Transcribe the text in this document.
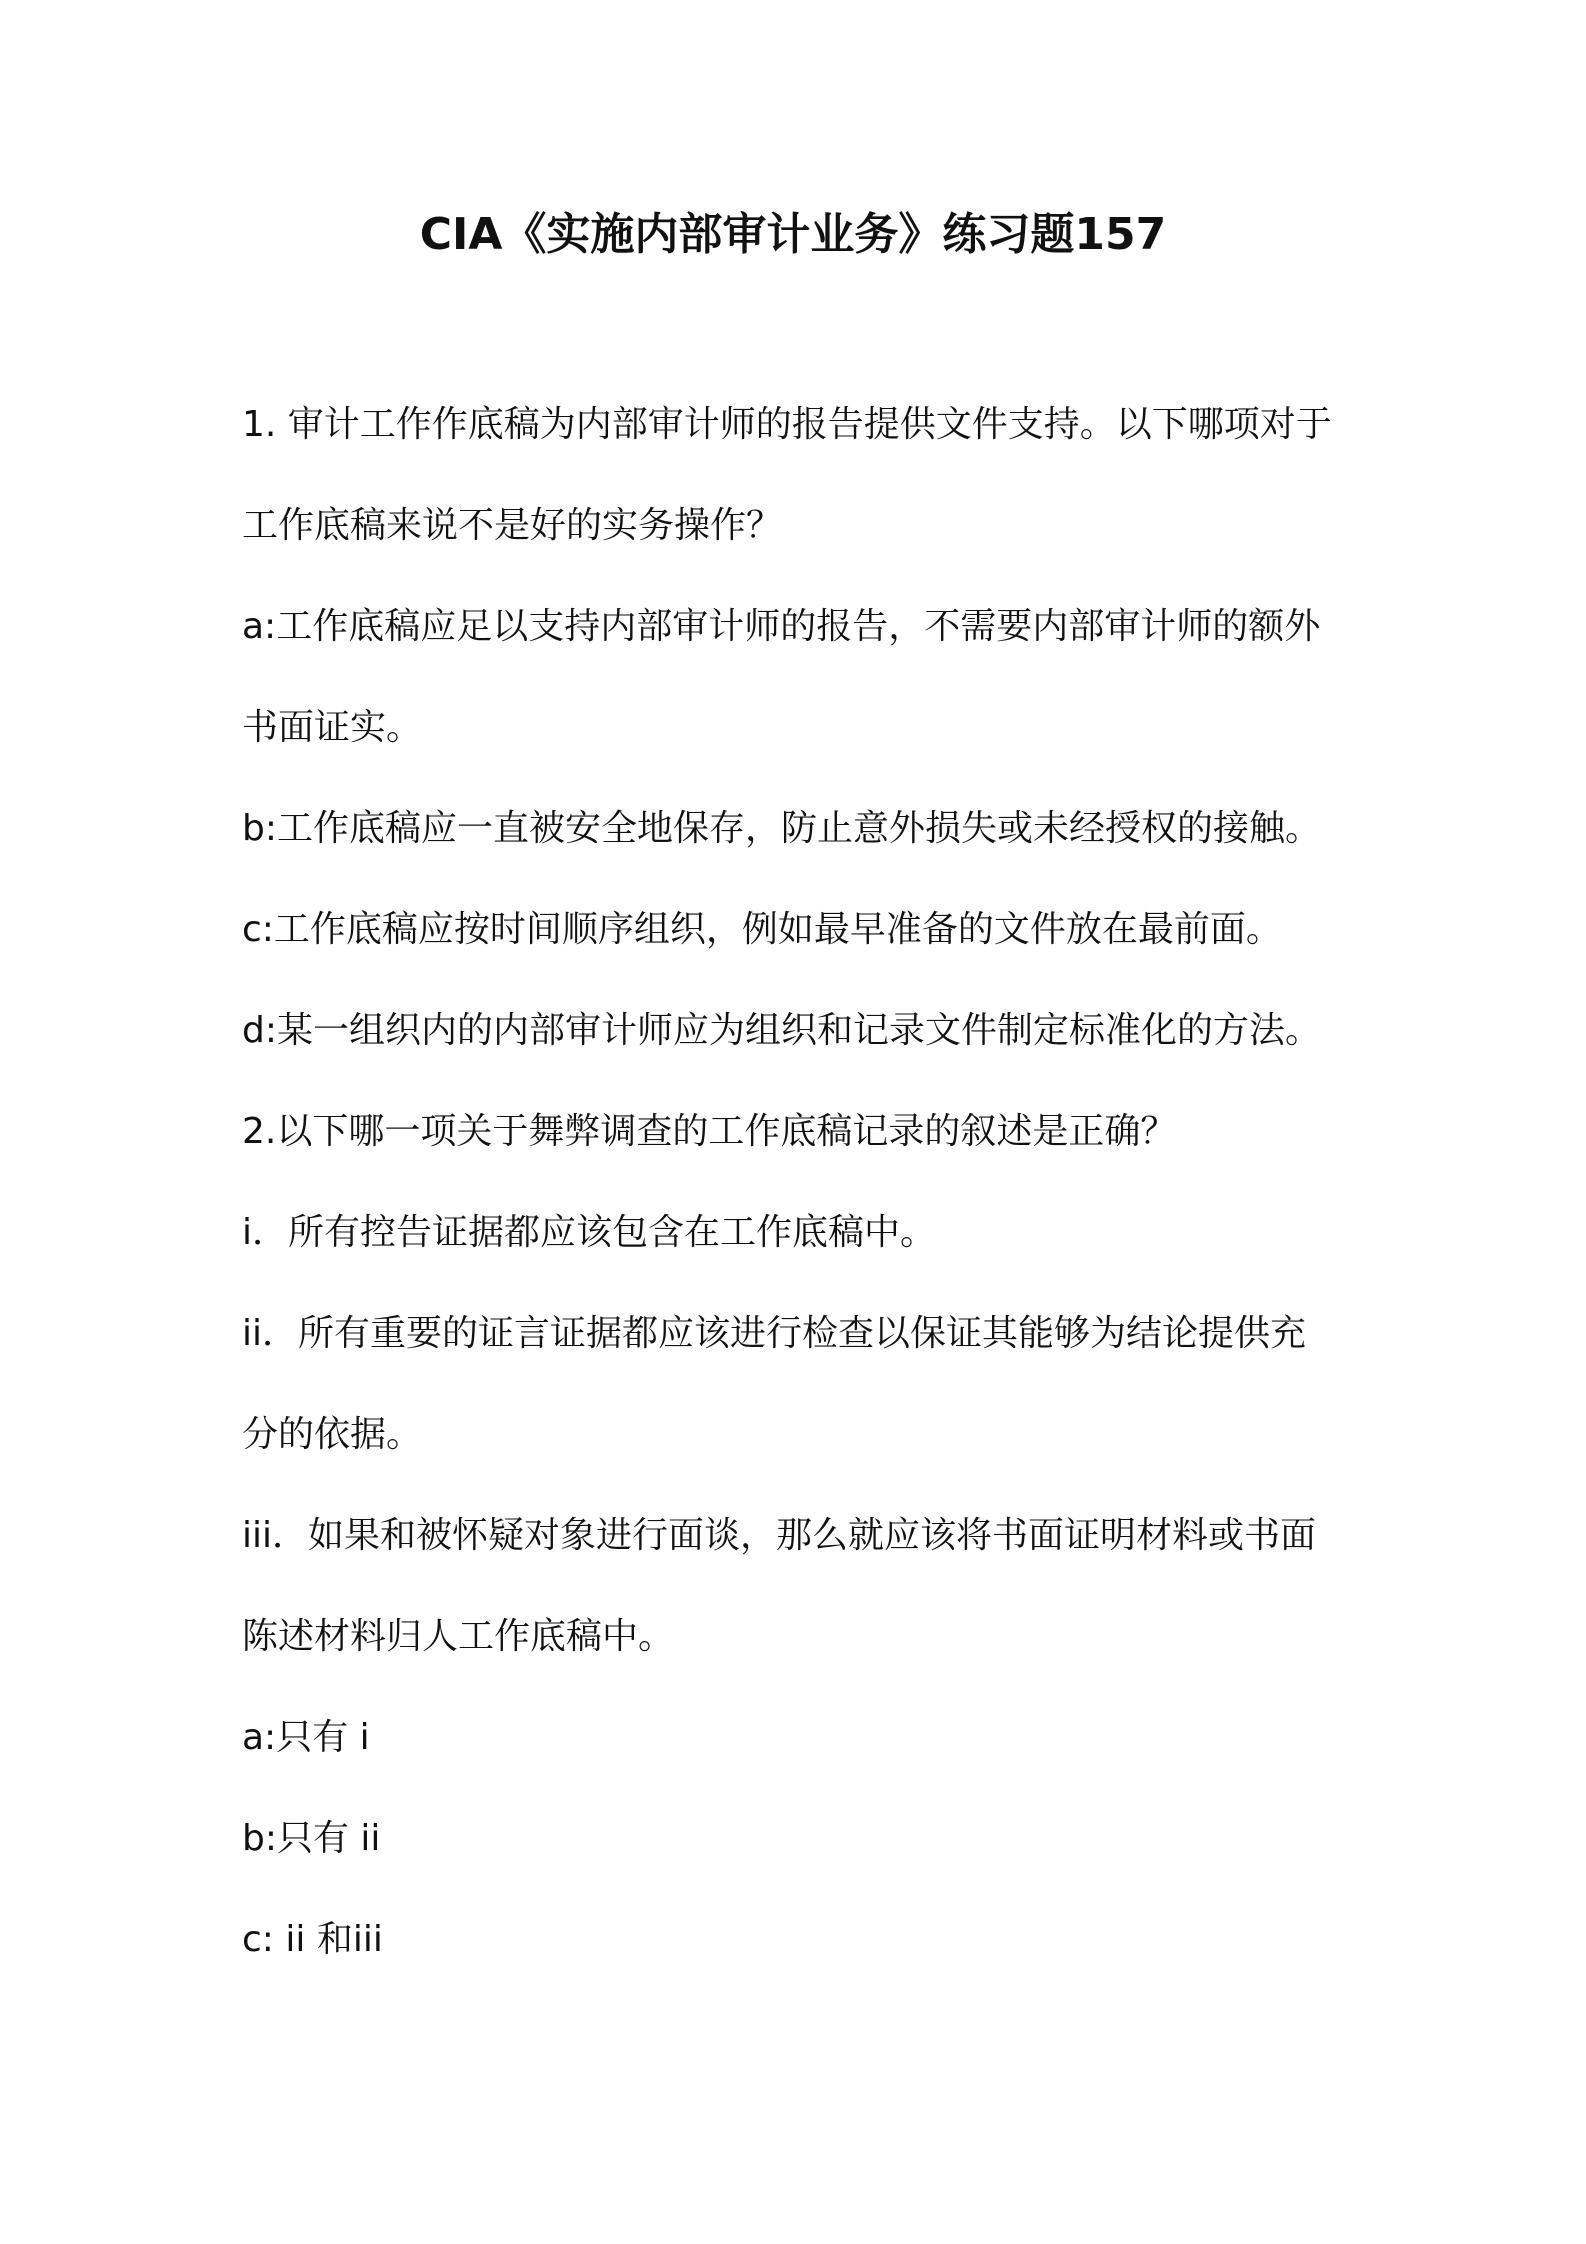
CIA《实施内部审计业务》练习题157
1. 审计工作作底稿为内部审计师的报告提供文件支持。以下哪项对于
工作底稿来说不是好的实务操作？
a:工作底稿应足以支持内部审计师的报告，不需要内部审计师的额外
书面证实。
b:工作底稿应一直被安全地保存，防止意外损失或未经授权的接触。
c:工作底稿应按时间顺序组织，例如最早准备的文件放在最前面。
d:某一组织内的内部审计师应为组织和记录文件制定标准化的方法。
2.以下哪一项关于舞弊调查的工作底稿记录的叙述是正确？
i．所有控告证据都应该包含在工作底稿中。
ii．所有重要的证言证据都应该进行检查以保证其能够为结论提供充
分的依据。
iii．如果和被怀疑对象进行面谈，那么就应该将书面证明材料或书面
陈述材料归人工作底稿中。
a:只有 i
b:只有 ii
c: ii 和iii
